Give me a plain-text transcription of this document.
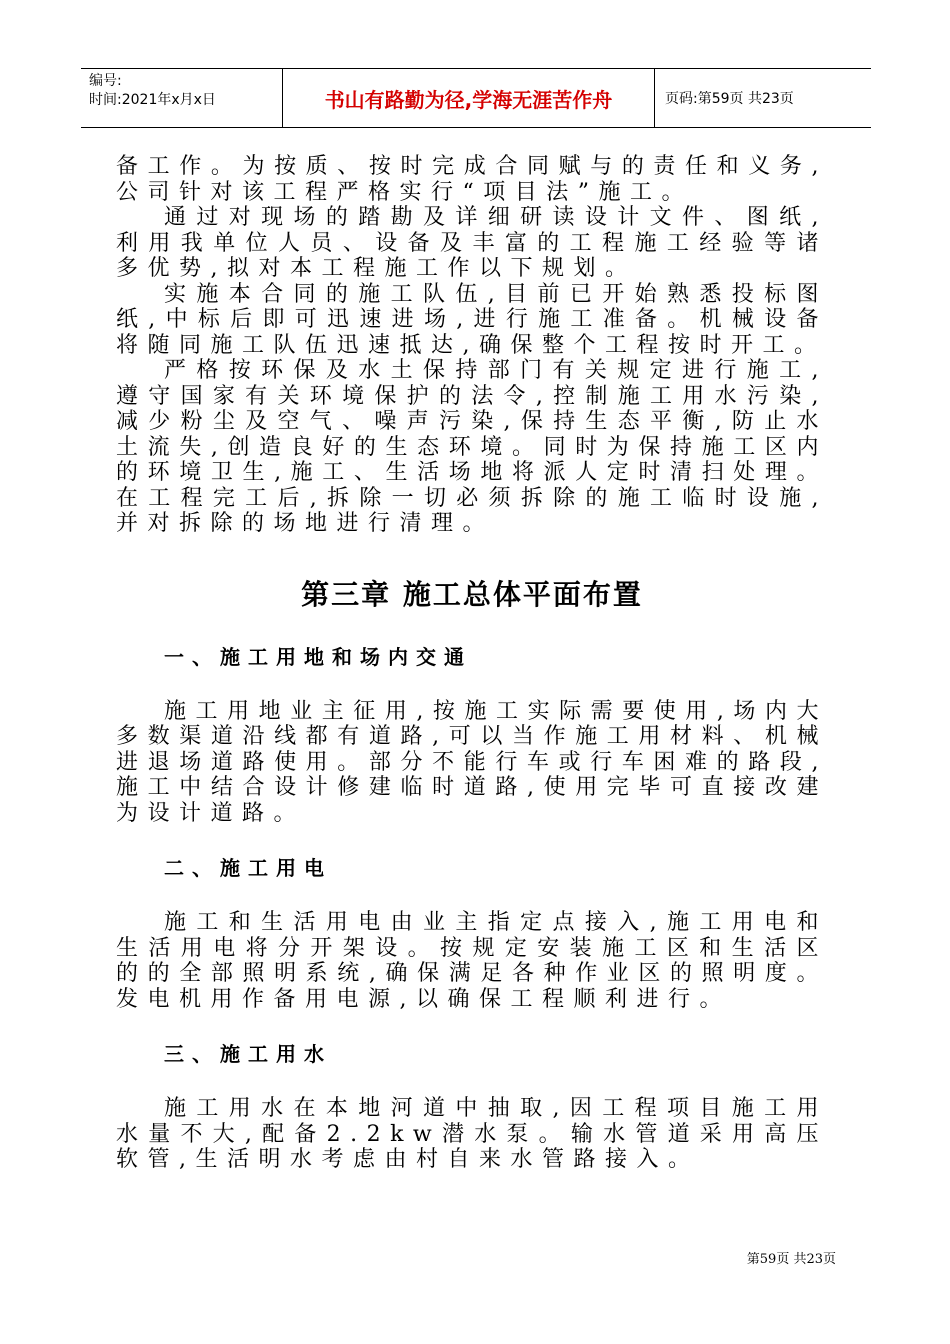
编号:
时间:2021年x月x日	书山有路勤为径,学海无涯苦作舟	页码:第59页 共23页

备工作。为按质、按时完成合同赋与的责任和义务,公司针对该工程严格实行“项目法”施工。

通过对现场的踏勘及详细研读设计文件、图纸,利用我单位人员、设备及丰富的工程施工经验等诸多优势,拟对本工程施工作以下规划。

实施本合同的施工队伍,目前已开始熟悉投标图纸,中标后即可迅速进场,进行施工准备。机械设备将随同施工队伍迅速抵达,确保整个工程按时开工。

严格按环保及水土保持部门有关规定进行施工,遵守国家有关环境保护的法令,控制施工用水污染,减少粉尘及空气、噪声污染,保持生态平衡,防止水土流失,创造良好的生态环境。同时为保持施工区内的环境卫生,施工、生活场地将派人定时清扫处理。在工程完工后,拆除一切必须拆除的施工临时设施,并对拆除的场地进行清理。

第三章 施工总体平面布置
一、施工用地和场内交通

施工用地业主征用,按施工实际需要使用,场内大多数渠道沿线都有道路,可以当作施工用材料、机械进退场道路使用。部分不能行车或行车困难的路段,施工中结合设计修建临时道路,使用完毕可直接改建为设计道路。

二、施工用电

施工和生活用电由业主指定点接入,施工用电和生活用电将分开架设。按规定安装施工区和生活区的的全部照明系统,确保满足各种作业区的照明度。发电机用作备用电源,以确保工程顺利进行。

三、施工用水

施工用水在本地河道中抽取,因工程项目施工用水量不大,配备2.2kw潜水泵。输水管道采用高压软管,生活明水考虑由村自来水管路接入。

第59页 共23页
